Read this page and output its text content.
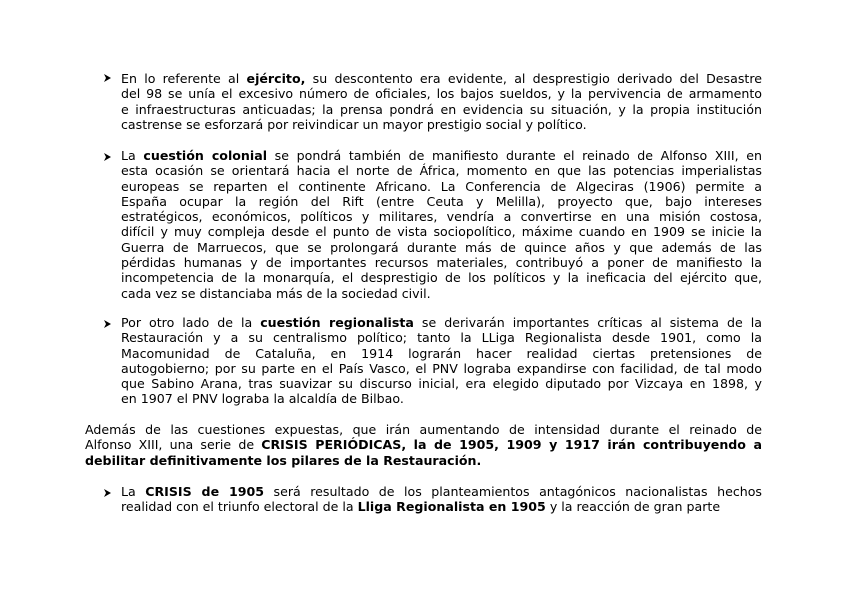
En lo referente al ejército, su descontento era evidente, al desprestigio derivado del Desastre
del 98 se unía el excesivo número de oficiales, los bajos sueldos, y la pervivencia de armamento
e infraestructuras anticuadas; la prensa pondrá en evidencia su situación, y la propia institución
castrense se esforzará por reivindicar un mayor prestigio social y político.
La cuestión colonial se pondrá también de manifiesto durante el reinado de Alfonso XIII, en
esta ocasión se orientará hacia el norte de África, momento en que las potencias imperialistas
europeas se reparten el continente Africano. La Conferencia de Algeciras (1906) permite a
España ocupar la región del Rift (entre Ceuta y Melilla), proyecto que, bajo intereses
estratégicos, económicos, políticos y militares, vendría a convertirse en una misión costosa,
difícil y muy compleja desde el punto de vista sociopolítico, máxime cuando en 1909 se inicie la
Guerra de Marruecos, que se prolongará durante más de quince años y que además de las
pérdidas humanas y de importantes recursos materiales, contribuyó a poner de manifiesto la
incompetencia de la monarquía, el desprestigio de los políticos y la ineficacia del ejército que,
cada vez se distanciaba más de la sociedad civil.
Por otro lado de la cuestión regionalista se derivarán importantes críticas al sistema de la
Restauración y a su centralismo político; tanto la LLiga Regionalista desde 1901, como la
Macomunidad de Cataluña, en 1914 lograrán hacer realidad ciertas pretensiones de
autogobierno; por su parte en el País Vasco, el PNV lograba expandirse con facilidad, de tal modo
que Sabino Arana, tras suavizar su discurso inicial, era elegido diputado por Vizcaya en 1898, y
en 1907 el PNV lograba la alcaldía de Bilbao.
Además de las cuestiones expuestas, que irán aumentando de intensidad durante el reinado de
Alfonso XIII, una serie de CRISIS PERIÓDICAS, la de 1905, 1909 y 1917 irán contribuyendo a
debilitar definitivamente los pilares de la Restauración.
La CRISIS de 1905 será resultado de los planteamientos antagónicos nacionalistas hechos
realidad con el triunfo electoral de la Lliga Regionalista en 1905 y la reacción de gran parte
